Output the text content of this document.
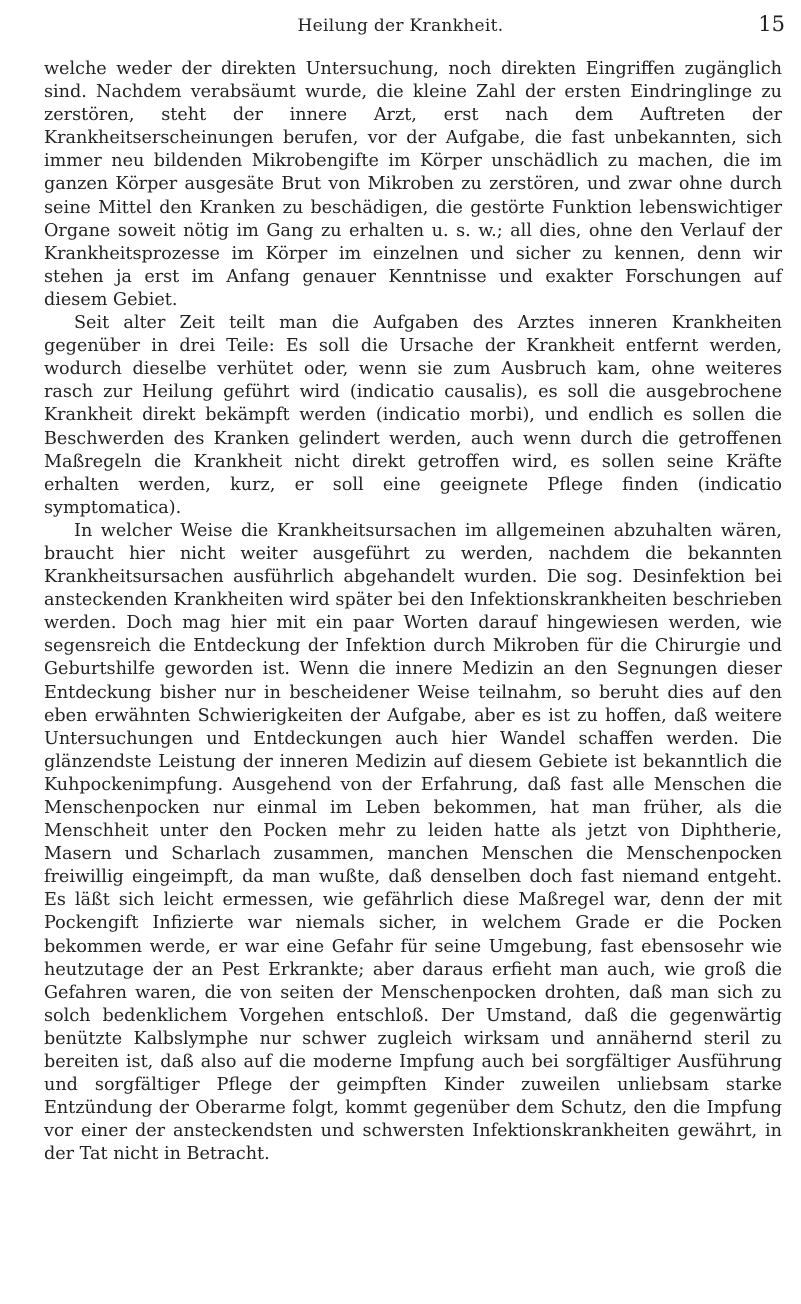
Heilung der Krankheit.	15

welche weder der direkten Untersuchung, noch direkten Eingriffen zugänglich sind. Nachdem verabsäumt wurde, die kleine Zahl der ersten Eindringlinge zu zerstören, steht der innere Arzt, erst nach dem Auftreten der Krankheitserscheinungen berufen, vor der Aufgabe, die fast unbekannten, sich immer neu bildenden Mikrobengifte im Körper unschädlich zu machen, die im ganzen Körper ausgesäte Brut von Mikroben zu zerstören, und zwar ohne durch seine Mittel den Kranken zu beschädigen, die gestörte Funktion lebenswichtiger Organe soweit nötig im Gang zu erhalten u. s. w.; all dies, ohne den Verlauf der Krankheitsprozesse im Körper im einzelnen und sicher zu kennen, denn wir stehen ja erst im Anfang genauer Kenntnisse und exakter Forschungen auf diesem Gebiet.

Seit alter Zeit teilt man die Aufgaben des Arztes inneren Krankheiten gegenüber in drei Teile: Es soll die Ursache der Krankheit entfernt werden, wodurch dieselbe verhütet oder, wenn sie zum Ausbruch kam, ohne weiteres rasch zur Heilung geführt wird (indicatio causalis), es soll die ausgebrochene Krankheit direkt bekämpft werden (indicatio morbi), und endlich es sollen die Beschwerden des Kranken gelindert werden, auch wenn durch die getroffenen Maßregeln die Krankheit nicht direkt getroffen wird, es sollen seine Kräfte erhalten werden, kurz, er soll eine geeignete Pflege finden (indicatio symptomatica).

In welcher Weise die Krankheitsursachen im allgemeinen abzuhalten wären, braucht hier nicht weiter ausgeführt zu werden, nachdem die bekannten Krankheitsursachen ausführlich abgehandelt wurden. Die sog. Desinfektion bei ansteckenden Krankheiten wird später bei den Infektionskrankheiten beschrieben werden. Doch mag hier mit ein paar Worten darauf hingewiesen werden, wie segensreich die Entdeckung der Infektion durch Mikroben für die Chirurgie und Geburtshilfe geworden ist. Wenn die innere Medizin an den Segnungen dieser Entdeckung bisher nur in bescheidener Weise teilnahm, so beruht dies auf den eben erwähnten Schwierigkeiten der Aufgabe, aber es ist zu hoffen, daß weitere Untersuchungen und Entdeckungen auch hier Wandel schaffen werden. Die glänzendste Leistung der inneren Medizin auf diesem Gebiete ist bekanntlich die Kuhpockenimpfung. Ausgehend von der Erfahrung, daß fast alle Menschen die Menschenpocken nur einmal im Leben bekommen, hat man früher, als die Menschheit unter den Pocken mehr zu leiden hatte als jetzt von Diphtherie, Masern und Scharlach zusammen, manchen Menschen die Menschenpocken freiwillig eingeimpft, da man wußte, daß denselben doch fast niemand entgeht. Es läßt sich leicht ermessen, wie gefährlich diese Maßregel war, denn der mit Pockengift Infizierte war niemals sicher, in welchem Grade er die Pocken bekommen werde, er war eine Gefahr für seine Umgebung, fast ebensosehr wie heutzutage der an Pest Erkrankte; aber daraus erfieht man auch, wie groß die Gefahren waren, die von seiten der Menschenpocken drohten, daß man sich zu solch bedenklichem Vorgehen entschloß. Der Umstand, daß die gegenwärtig benützte Kalbslymphe nur schwer zugleich wirksam und annähernd steril zu bereiten ist, daß also auf die moderne Impfung auch bei sorgfältiger Ausführung und sorgfältiger Pflege der geimpften Kinder zuweilen unliebsam starke Entzündung der Oberarme folgt, kommt gegenüber dem Schutz, den die Impfung vor einer der ansteckendsten und schwersten Infektionskrankheiten gewährt, in der Tat nicht in Betracht.
